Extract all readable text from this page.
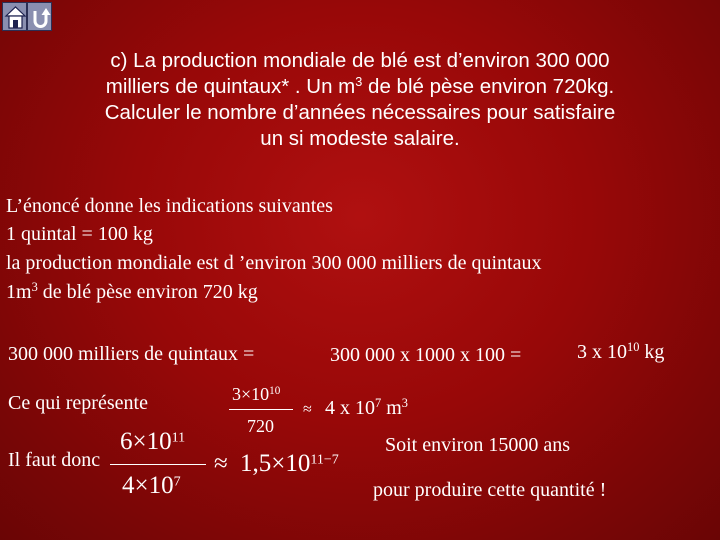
c) La production mondiale de blé est d’environ 300 000
milliers de quintaux* . Un $m^3$ de blé pèse environ 720kg.
Calculer le nombre d’années nécessaires pour satisfaire
un si modeste salaire.
L’énoncé donne les indications suivantes
1 quintal = 100 kg
la production mondiale est d ’environ 300 000 milliers de quintaux
$1m^3$ de blé pèse environ 720 kg
300 000 milliers de quintaux =	300 000 x 1000 x 100 =	3 x $10^{10}$ kg
Ce qui représente	$3\times 10^{10}$
720
≈ 4 x $10^7$ $m^3$
Il faut donc
$6\times 10^{11}$
$4\times 10^7$
≈ $1,5\times 10^{11-7}$
Soit environ 15000 ans
pour produire cette quantité !
